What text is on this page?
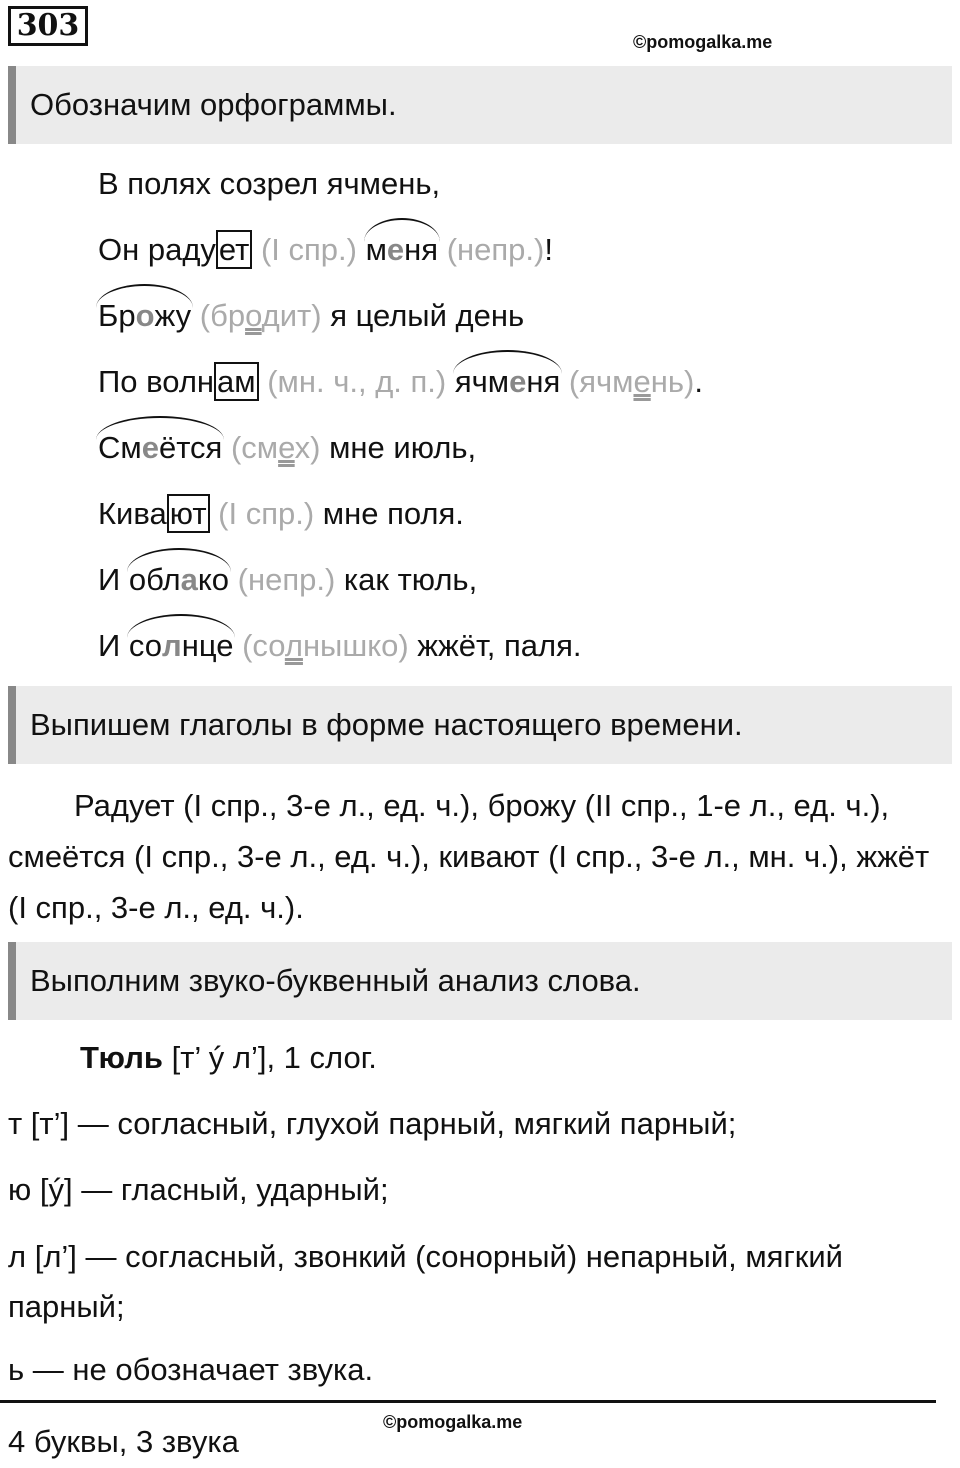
303	©pomogalka.me
Обозначим орфограммы.
В полях созрел ячмень,
Он радует (I спр.) меня (непр.)!
Брожу (бродит) я целый день
По волнам (мн. ч., д. п.) ячменя (ячмень).
Смеётся (смех) мне июль,
Кивают (I спр.) мне поля.
И облако (непр.) как тюль,
И солнце (солнышко) жжёт, паля.
Выпишем глаголы в форме настоящего времени.
Радует (I спр., 3-е л., ед. ч.), брожу (II спр., 1-е л., ед. ч.), смеётся (I спр., 3-е л., ед. ч.), кивают (I спр., 3-е л., мн. ч.), жжёт (I спр., 3-е л., ед. ч.).
Выполним звуко-буквенный анализ слова.
Тюль [т’ ý л’], 1 слог.
т [т’] — согласный, глухой парный, мягкий парный;
ю [ý] — гласный, ударный;
л [л’] — согласный, звонкий (сонорный) непарный, мягкий парный;
ь — не обозначает звука.
©pomogalka.me
4 буквы, 3 звука
